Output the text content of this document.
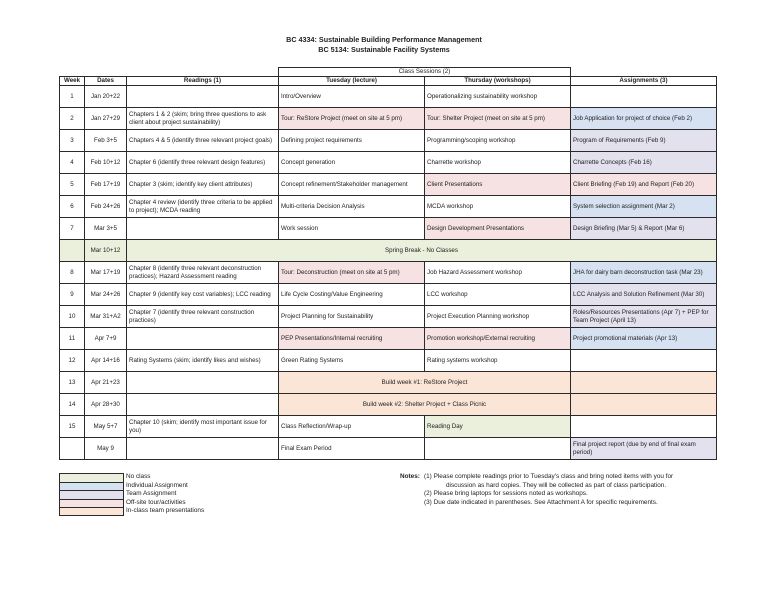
BC 4334: Sustainable Building Performance Management
BC 5134: Sustainable Facility Systems
			Class Sessions (2)		
Week	Dates	Readings (1)	Tuesday (lecture)	Thursday (workshops)	Assignments (3)
1	Jan 20+22		Intro/Overview	Operationalizing sustainability workshop	
2	Jan 27+29	Chapters 1 & 2 (skim; bring three questions to ask client about project sustainability)	Tour: ReStore Project (meet on site at 5 pm)	Tour: Shelter Project (meet on site at 5 pm)	Job Application for project of choice (Feb 2)
3	Feb 3+5	Chapters 4 & 5 (identify three relevant project goals)	Defining project requirements	Programming/scoping workshop	Program of Requirements (Feb 9)
4	Feb 10+12	Chapter 6 (identify three relevant design features)	Concept generation	Charrette workshop	Charrette Concepts (Feb 16)
5	Feb 17+19	Chapter 3 (skim; identify key client attributes)	Concept refinement/Stakeholder management	Client Presentations	Client Briefing (Feb 19) and Report (Feb 20)
6	Feb 24+26	Chapter 4 review (identify three criteria to be applied to project); MCDA reading	Multi-criteria Decision Analysis	MCDA workshop	System selection assignment (Mar 2)
7	Mar 3+5		Work session	Design Development Presentations	Design Briefing (Mar 5) & Report (Mar 6)
	Mar 10+12	Spring Break - No Classes			
8	Mar 17+19	Chapter 8 (identify three relevant deconstruction practices); Hazard Assessment reading	Tour: Deconstruction (meet on site at 5 pm)	Job Hazard Assessment workshop	JHA for dairy barn deconstruction task (Mar 23)
9	Mar 24+26	Chapter 9 (identify key cost variables); LCC reading	Life Cycle Costing/Value Engineering	LCC workshop	LCC Analysis and Solution Refinement (Mar 30)
10	Mar 31+A2	Chapter 7 (identify three relevant construction practices)	Project Planning for Sustainability	Project Execution Planning workshop	Roles/Resources Presentations (Apr 7) + PEP for Team Project (April 13)
11	Apr 7+9		PEP Presentations/Internal recruiting	Promotion workshop/External recruiting	Project promotional materials (Apr 13)
12	Apr 14+16	Rating Systems (skim; identify likes and wishes)	Green Rating Systems	Rating systems workshop	
13	Apr 21+23		Build week #1: ReStore Project		
14	Apr 28+30		Build week #2: Shelter Project + Class Picnic		
15	May 5+7	Chapter 10 (skim; identify most important issue for you)	Class Reflection/Wrap-up	Reading Day	
	May 9		Final Exam Period		Final project report (due by end of final exam period)
No class
Individual Assignment
Team Assignment
Off-site tour/activities
In-class team presentations
Notes: (1) Please complete readings prior to Tuesday's class and bring noted items with you for
discussion as hard copies. They will be collected as part of class participation.
(2) Please bring laptops for sessions noted as workshops.
(3) Due date indicated in parentheses. See Attachment A for specific requirements.
